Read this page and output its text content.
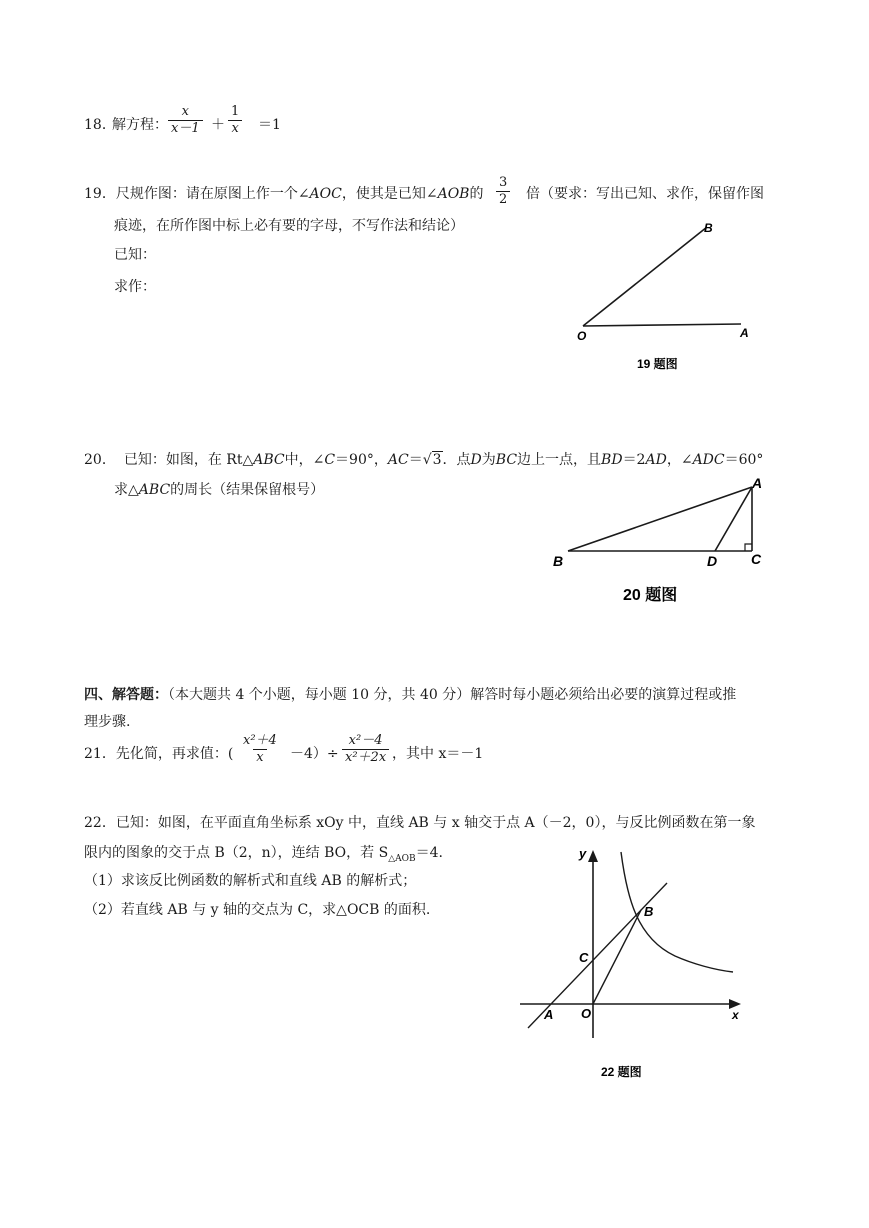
18．
解方程： $\frac{x}{x-1} + \frac{1}{x} =1$
19．尺规作图：请在原图上作一个∠AOC，使其是已知∠AOB的 $\frac{3}{2}$ 倍（要求：写出已知、求作，保留作图
痕迹，在所作图中标上必有要的字母，不写作法和结论）
已知：
求作：
O	A
B
19 题图
20． 已知：如图，在 Rt△ABC中，∠C＝90°，AC＝√3．点D为BC边上一点，且BD＝2AD，∠ADC＝60°
求△ABC的周长（结果保留根号）	A
B	D C
20 题图
四、解答题：（本大题共 4 个小题，每小题 10 分，共 40 分）解答时每小题必须给出必要的演算过程或推
理步骤.
21．先化简，再求值：( $\frac{\text{x²＋4}}{x} -4)\div \frac{\text{x²－4}}{\text{x²＋2x}}$ ，其中 x＝－1
22．已知：如图，在平面直角坐标系 xOy 中，直线 AB 与 x 轴交于点 A（－2，0），与反比例函数在第一象
限内的图象的交于点 B（2，n），连结 BO，若 $S_{\triangle AOB}=4$.
（1）求该反比例函数的解析式和直线 AB 的解析式；
（2）若直线 AB 与 y 轴的交点为 C，求△OCB 的面积.
y
x
O
A
B
C
22 题图
